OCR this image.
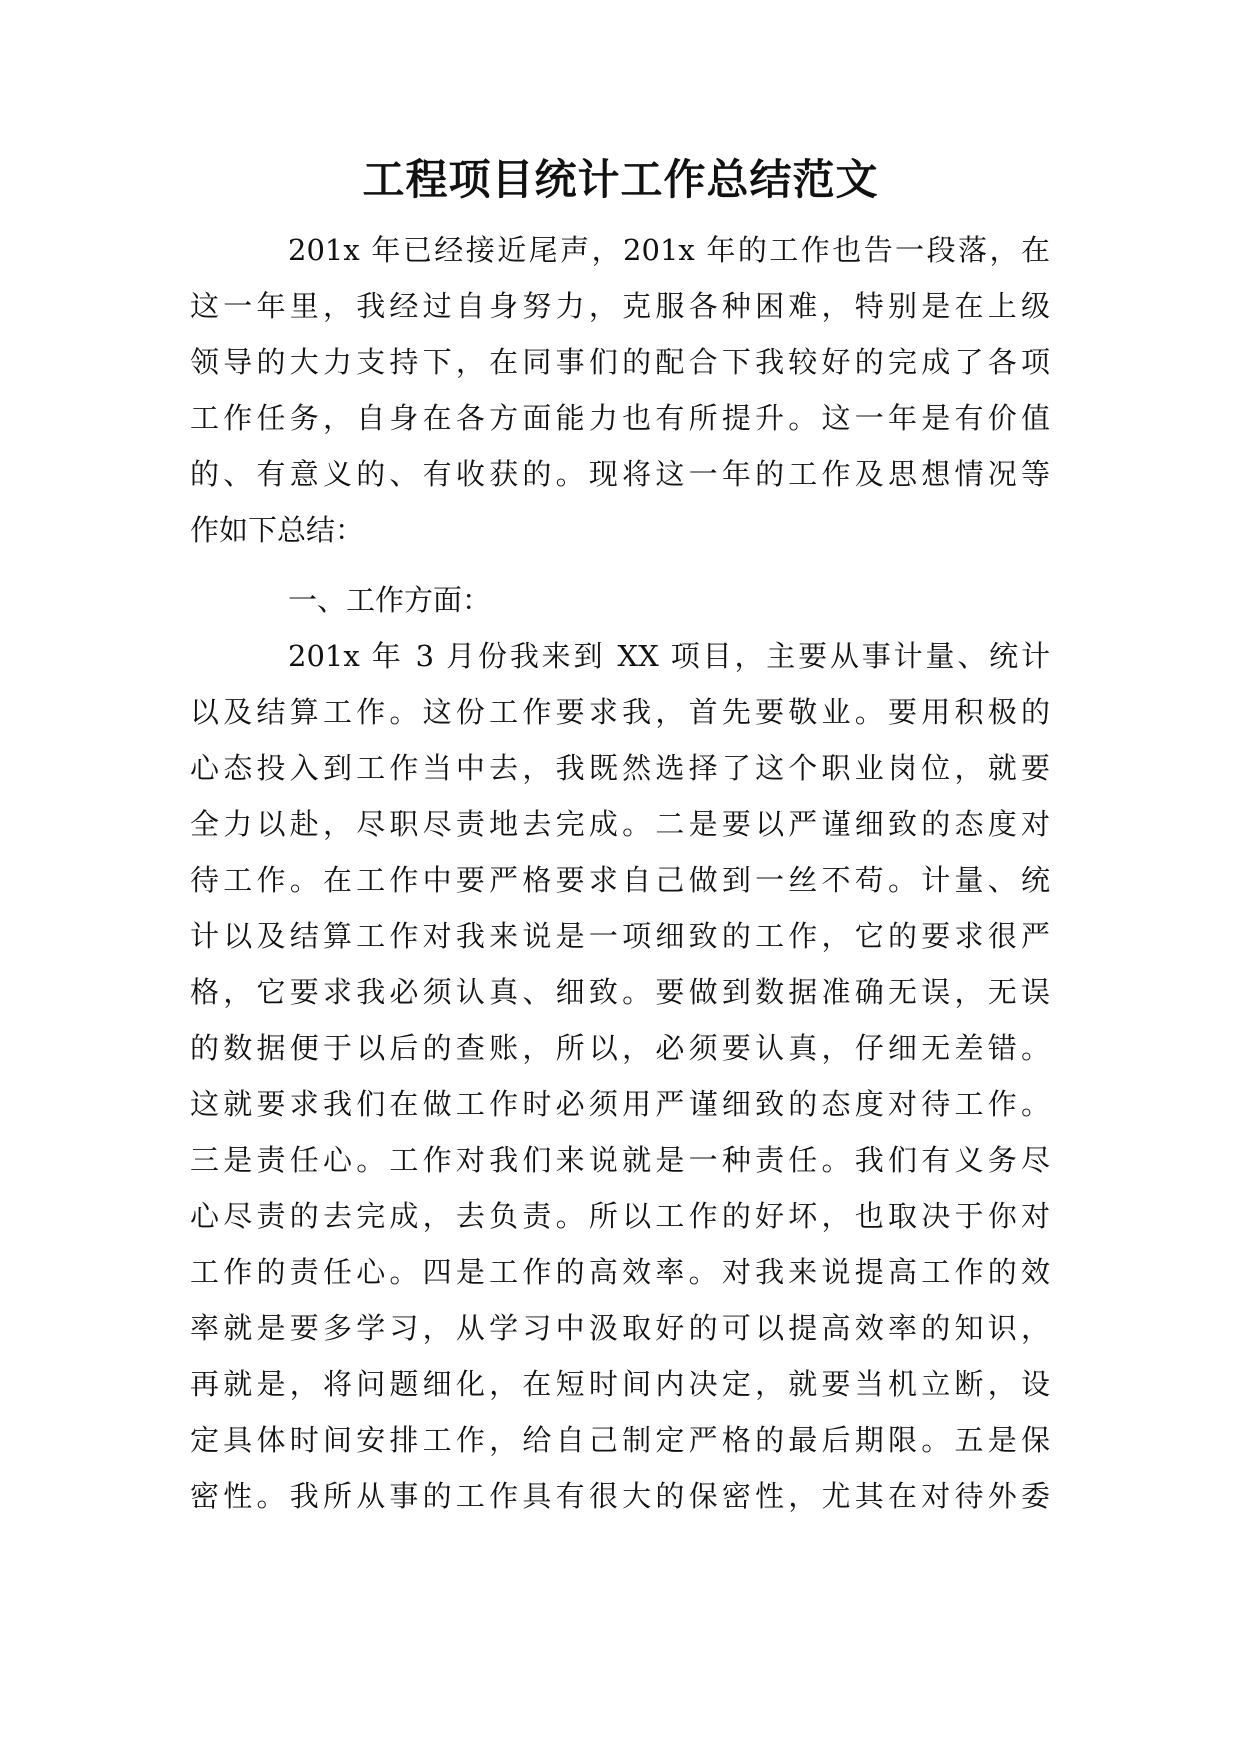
工程项目统计工作总结范文
201x 年已经接近尾声，201x 年的工作也告一段落，在
这一年里，我经过自身努力，克服各种困难，特别是在上级
领导的大力支持下，在同事们的配合下我较好的完成了各项
工作任务，自身在各方面能力也有所提升。这一年是有价值
的、有意义的、有收获的。现将这一年的工作及思想情况等
作如下总结：
一、工作方面：
201x 年 3 月份我来到 XX 项目，主要从事计量、统计
以及结算工作。这份工作要求我，首先要敬业。要用积极的
心态投入到工作当中去，我既然选择了这个职业岗位，就要
全力以赴，尽职尽责地去完成。二是要以严谨细致的态度对
待工作。在工作中要严格要求自己做到一丝不苟。计量、统
计以及结算工作对我来说是一项细致的工作，它的要求很严
格，它要求我必须认真、细致。要做到数据准确无误，无误
的数据便于以后的查账，所以，必须要认真，仔细无差错。
这就要求我们在做工作时必须用严谨细致的态度对待工作。
三是责任心。工作对我们来说就是一种责任。我们有义务尽
心尽责的去完成，去负责。所以工作的好坏，也取决于你对
工作的责任心。四是工作的高效率。对我来说提高工作的效
率就是要多学习，从学习中汲取好的可以提高效率的知识，
再就是，将问题细化，在短时间内决定，就要当机立断，设
定具体时间安排工作，给自己制定严格的最后期限。五是保
密性。我所从事的工作具有很大的保密性，尤其在对待外委
